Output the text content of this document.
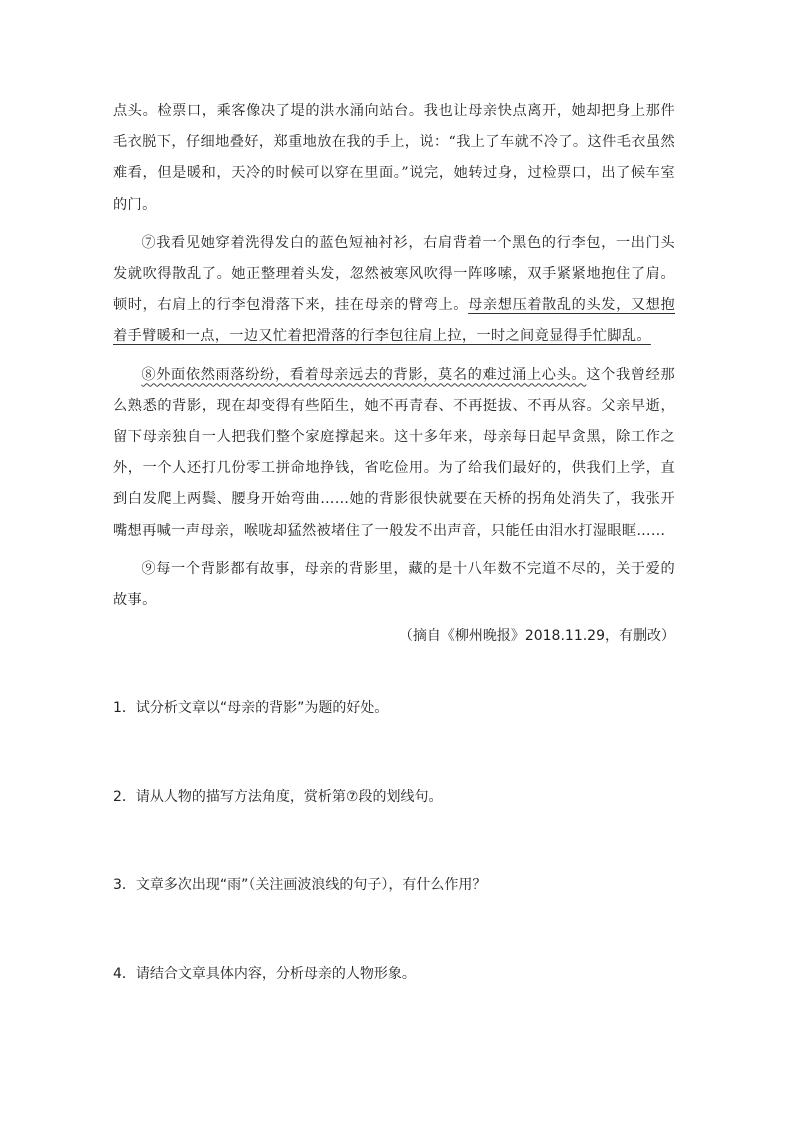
点头。检票口，乘客像决了堤的洪水涌向站台。我也让母亲快点离开，她却把身上那件毛衣脱下，仔细地叠好，郑重地放在我的手上，说：“我上了车就不冷了。这件毛衣虽然难看，但是暖和，天冷的时候可以穿在里面。”说完，她转过身，过检票口，出了候车室的门。

⑦我看见她穿着洗得发白的蓝色短袖衬衫，右肩背着一个黑色的行李包，一出门头发就吹得散乱了。她正整理着头发，忽然被寒风吹得一阵哆嗦，双手紧紧地抱住了肩。顿时，右肩上的行李包滑落下来，挂在母亲的臂弯上。母亲想压着散乱的头发，又想抱着手臂暖和一点，一边又忙着把滑落的行李包往肩上拉，一时之间竟显得手忙脚乱。

⑧外面依然雨落纷纷，看着母亲远去的背影，莫名的难过涌上心头。这个我曾经那么熟悉的背影，现在却变得有些陌生，她不再青春、不再挺拔、不再从容。父亲早逝，留下母亲独自一人把我们整个家庭撑起来。这十多年来，母亲每日起早贪黑，除工作之外，一个人还打几份零工拼命地挣钱，省吃俭用。为了给我们最好的，供我们上学，直到白发爬上两鬓、腰身开始弯曲……她的背影很快就要在天桥的拐角处消失了，我张开嘴想再喊一声母亲，喉咙却猛然被堵住了一般发不出声音，只能任由泪水打湿眼眶……

⑨每一个背影都有故事，母亲的背影里，藏的是十八年数不完道不尽的，关于爱的故事。

（摘自《柳州晚报》2018.11.29，有删改）

1．试分析文章以“母亲的背影”为题的好处。

2．请从人物的描写方法角度，赏析第⑦段的划线句。

3．文章多次出现“雨”（关注画波浪线的句子），有什么作用？

4．请结合文章具体内容，分析母亲的人物形象。
